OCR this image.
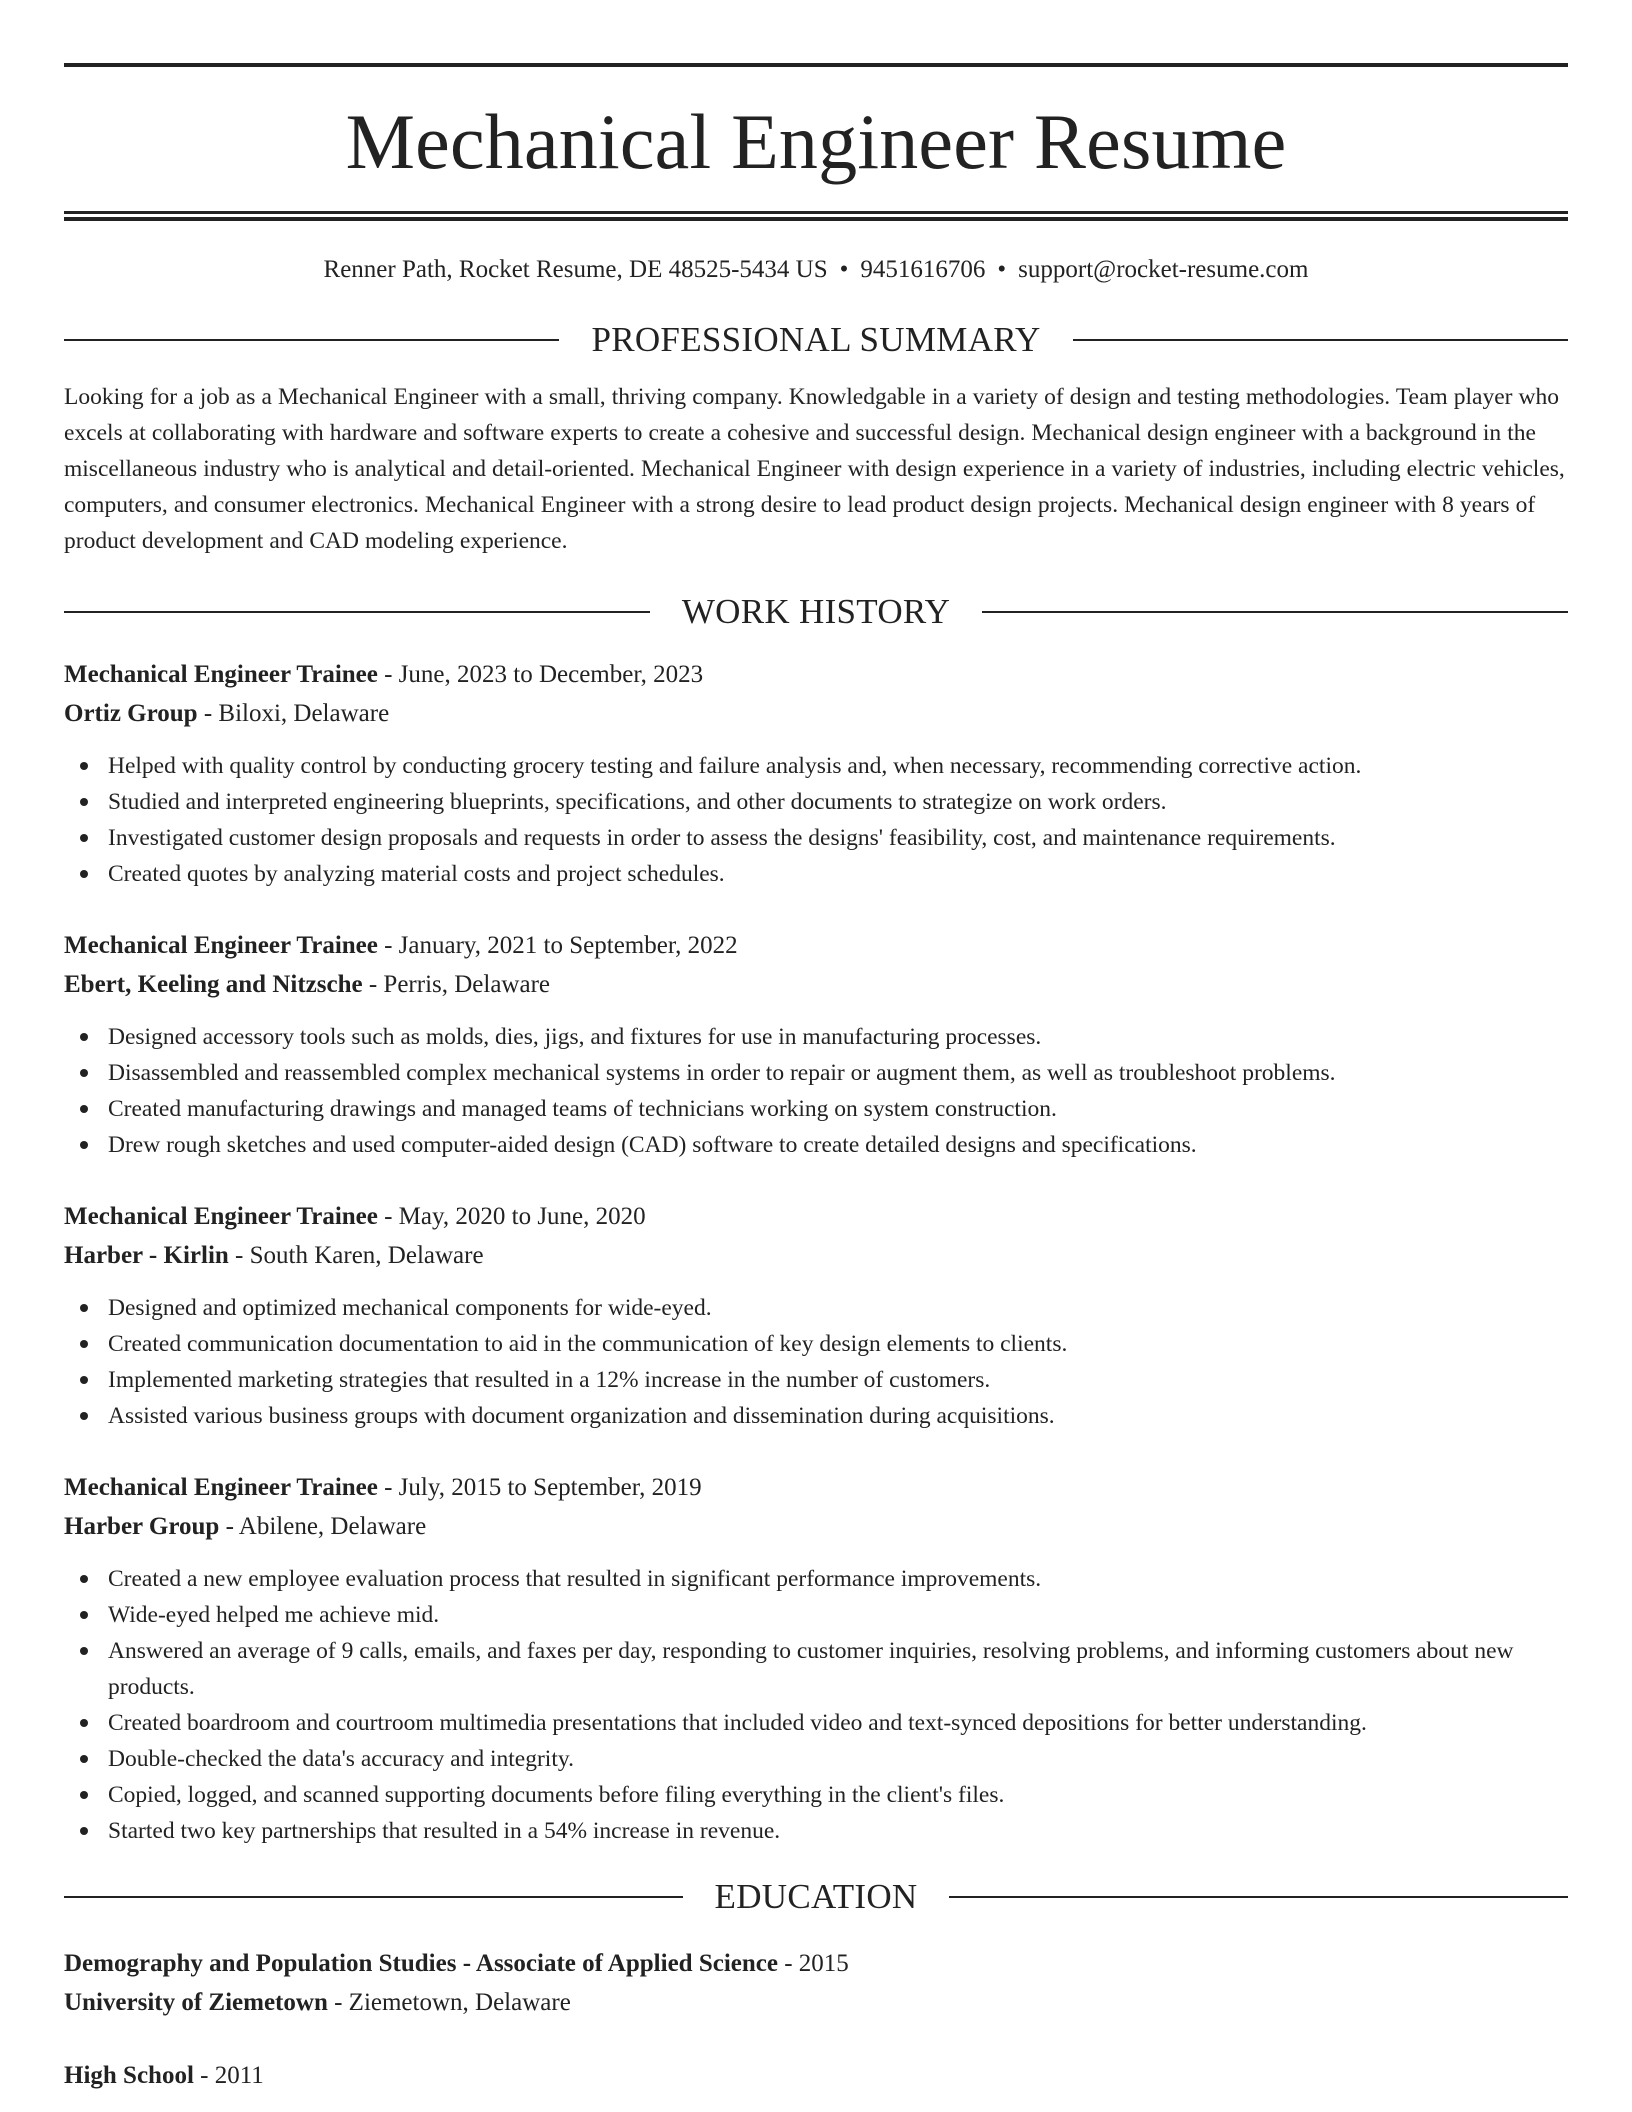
Mechanical Engineer Resume
Renner Path, Rocket Resume, DE 48525-5434 US • 9451616706 • support@rocket-resume.com
PROFESSIONAL SUMMARY

Looking for a job as a Mechanical Engineer with a small, thriving company. Knowledgable in a variety of design and testing methodologies. Team player who excels at collaborating with hardware and software experts to create a cohesive and successful design. Mechanical design engineer with a background in the miscellaneous industry who is analytical and detail-oriented. Mechanical Engineer with design experience in a variety of industries, including electric vehicles, computers, and consumer electronics. Mechanical Engineer with a strong desire to lead product design projects. Mechanical design engineer with 8 years of product development and CAD modeling experience.

WORK HISTORY
Mechanical Engineer Trainee - June, 2023 to December, 2023
Ortiz Group - Biloxi, Delaware
Helped with quality control by conducting grocery testing and failure analysis and, when necessary, recommending corrective action.
Studied and interpreted engineering blueprints, specifications, and other documents to strategize on work orders.
Investigated customer design proposals and requests in order to assess the designs' feasibility, cost, and maintenance requirements.
Created quotes by analyzing material costs and project schedules.
Mechanical Engineer Trainee - January, 2021 to September, 2022
Ebert, Keeling and Nitzsche - Perris, Delaware
Designed accessory tools such as molds, dies, jigs, and fixtures for use in manufacturing processes.
Disassembled and reassembled complex mechanical systems in order to repair or augment them, as well as troubleshoot problems.
Created manufacturing drawings and managed teams of technicians working on system construction.
Drew rough sketches and used computer-aided design (CAD) software to create detailed designs and specifications.
Mechanical Engineer Trainee - May, 2020 to June, 2020
Harber - Kirlin - South Karen, Delaware
Designed and optimized mechanical components for wide-eyed.
Created communication documentation to aid in the communication of key design elements to clients.
Implemented marketing strategies that resulted in a 12% increase in the number of customers.
Assisted various business groups with document organization and dissemination during acquisitions.
Mechanical Engineer Trainee - July, 2015 to September, 2019
Harber Group - Abilene, Delaware
Created a new employee evaluation process that resulted in significant performance improvements.
Wide-eyed helped me achieve mid.
Answered an average of 9 calls, emails, and faxes per day, responding to customer inquiries, resolving problems, and informing customers about new products.
Created boardroom and courtroom multimedia presentations that included video and text-synced depositions for better understanding.
Double-checked the data's accuracy and integrity.
Copied, logged, and scanned supporting documents before filing everything in the client's files.
Started two key partnerships that resulted in a 54% increase in revenue.
EDUCATION
Demography and Population Studies - Associate of Applied Science - 2015
University of Ziemetown - Ziemetown, Delaware
High School - 2011
